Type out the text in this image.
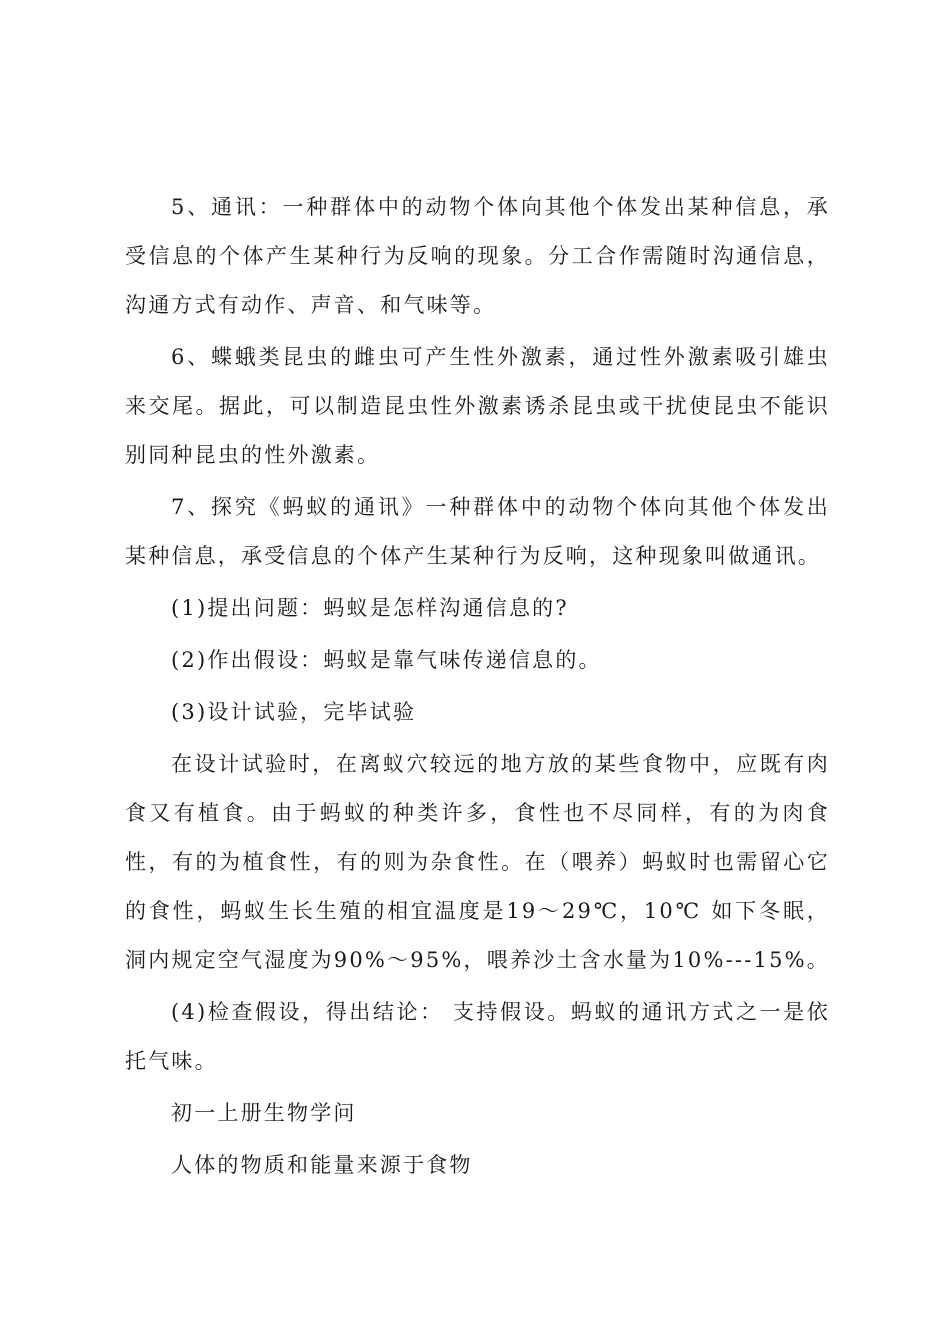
5、通讯：一种群体中的动物个体向其他个体发出某种信息，承受信息的个体产生某种行为反响的现象。分工合作需随时沟通信息，沟通方式有动作、声音、和气味等。

6、蝶蛾类昆虫的雌虫可产生性外激素，通过性外激素吸引雄虫来交尾。据此，可以制造昆虫性外激素诱杀昆虫或干扰使昆虫不能识别同种昆虫的性外激素。

7、探究《蚂蚁的通讯》一种群体中的动物个体向其他个体发出某种信息，承受信息的个体产生某种行为反响，这种现象叫做通讯。

(1)提出问题：蚂蚁是怎样沟通信息的?

(2)作出假设：蚂蚁是靠气味传递信息的。

(3)设计试验，完毕试验

在设计试验时，在离蚁穴较远的地方放的某些食物中，应既有肉食又有植食。由于蚂蚁的种类许多，食性也不尽同样，有的为肉食性，有的为植食性，有的则为杂食性。在（喂养）蚂蚁时也需留心它的食性，蚂蚁生长生殖的相宜温度是19～29℃，10℃ 如下冬眠，洞内规定空气湿度为90%～95%，喂养沙土含水量为10%---15%。

(4)检查假设，得出结论： 支持假设。蚂蚁的通讯方式之一是依托气味。

初一上册生物学问

人体的物质和能量来源于食物
